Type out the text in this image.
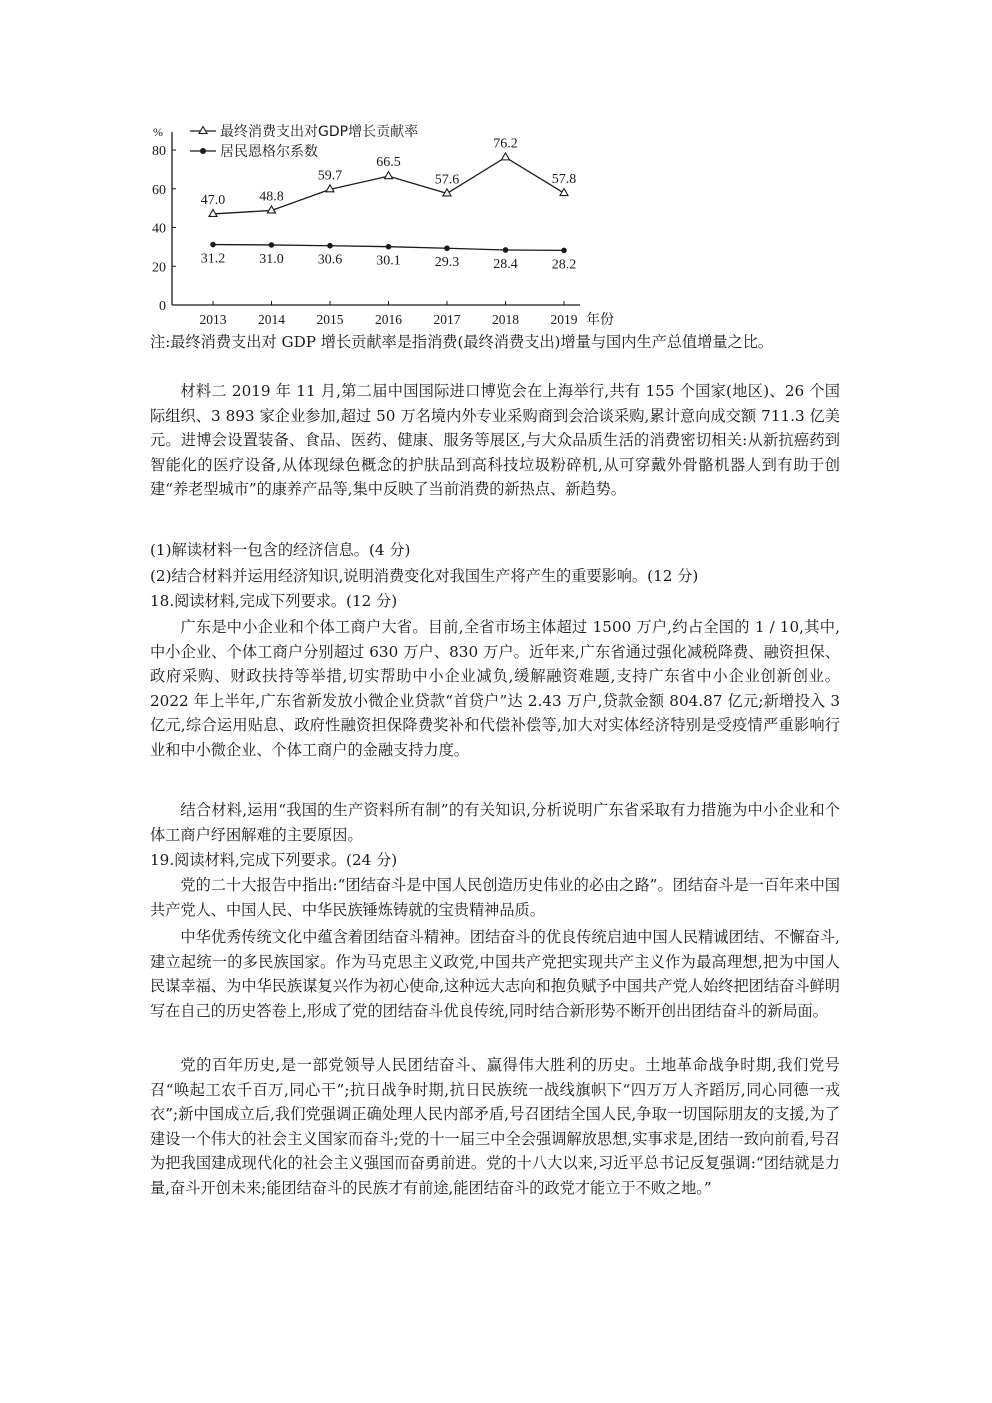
0
20
40
60
80
%
2013 2014 2015 2016 2017 2018 2019 年份
最终消费支出对GDP增长贡献率
居民恩格尔系数
47.0 48.8
59.7
66.5
57.6
76.2
57.8
31.2 31.0 30.6 30.1 29.3 28.4 28.2

注:最终消费支出对 GDP 增长贡献率是指消费(最终消费支出)增量与国内生产总值增量之比。

材料二 2019 年 11 月,第二届中国国际进口博览会在上海举行,共有 155 个国家(地区)、26 个国际组织、3 893 家企业参加,超过 50 万名境内外专业采购商到会洽谈采购,累计意向成交额 711.3 亿美元。进博会设置装备、食品、医药、健康、服务等展区,与大众品质生活的消费密切相关:从新抗癌药到智能化的医疗设备,从体现绿色概念的护肤品到高科技垃圾粉碎机,从可穿戴外骨骼机器人到有助于创建“养老型城市”的康养产品等,集中反映了当前消费的新热点、新趋势。

(1)解读材料一包含的经济信息。(4 分)

(2)结合材料并运用经济知识,说明消费变化对我国生产将产生的重要影响。(12 分)

18.阅读材料,完成下列要求。(12 分)

广东是中小企业和个体工商户大省。目前,全省市场主体超过 1500 万户,约占全国的 1 / 10,其中,中小企业、个体工商户分别超过 630 万户、830 万户。近年来,广东省通过强化减税降费、融资担保、政府采购、财政扶持等举措,切实帮助中小企业减负,缓解融资难题,支持广东省中小企业创新创业。2022 年上半年,广东省新发放小微企业贷款“首贷户”达 2.43 万户,贷款金额 804.87 亿元;新增投入 3 亿元,综合运用贴息、政府性融资担保降费奖补和代偿补偿等,加大对实体经济特别是受疫情严重影响行业和中小微企业、个体工商户的金融支持力度。

结合材料,运用“我国的生产资料所有制”的有关知识,分析说明广东省采取有力措施为中小企业和个体工商户纾困解难的主要原因。

19.阅读材料,完成下列要求。(24 分)

党的二十大报告中指出:“团结奋斗是中国人民创造历史伟业的必由之路”。团结奋斗是一百年来中国共产党人、中国人民、中华民族锤炼铸就的宝贵精神品质。

中华优秀传统文化中蕴含着团结奋斗精神。团结奋斗的优良传统启迪中国人民精诚团结、不懈奋斗,建立起统一的多民族国家。作为马克思主义政党,中国共产党把实现共产主义作为最高理想,把为中国人民谋幸福、为中华民族谋复兴作为初心使命,这种远大志向和抱负赋予中国共产党人始终把团结奋斗鲜明写在自己的历史答卷上,形成了党的团结奋斗优良传统,同时结合新形势不断开创出团结奋斗的新局面。

党的百年历史,是一部党领导人民团结奋斗、赢得伟大胜利的历史。土地革命战争时期,我们党号召“唤起工农千百万,同心干”;抗日战争时期,抗日民族统一战线旗帜下“四万万人齐蹈厉,同心同德一戎衣”;新中国成立后,我们党强调正确处理人民内部矛盾,号召团结全国人民,争取一切国际朋友的支援,为了建设一个伟大的社会主义国家而奋斗;党的十一届三中全会强调解放思想,实事求是,团结一致向前看,号召为把我国建成现代化的社会主义强国而奋勇前进。党的十八大以来,习近平总书记反复强调:“团结就是力量,奋斗开创未来;能团结奋斗的民族才有前途,能团结奋斗的政党才能立于不败之地。”
